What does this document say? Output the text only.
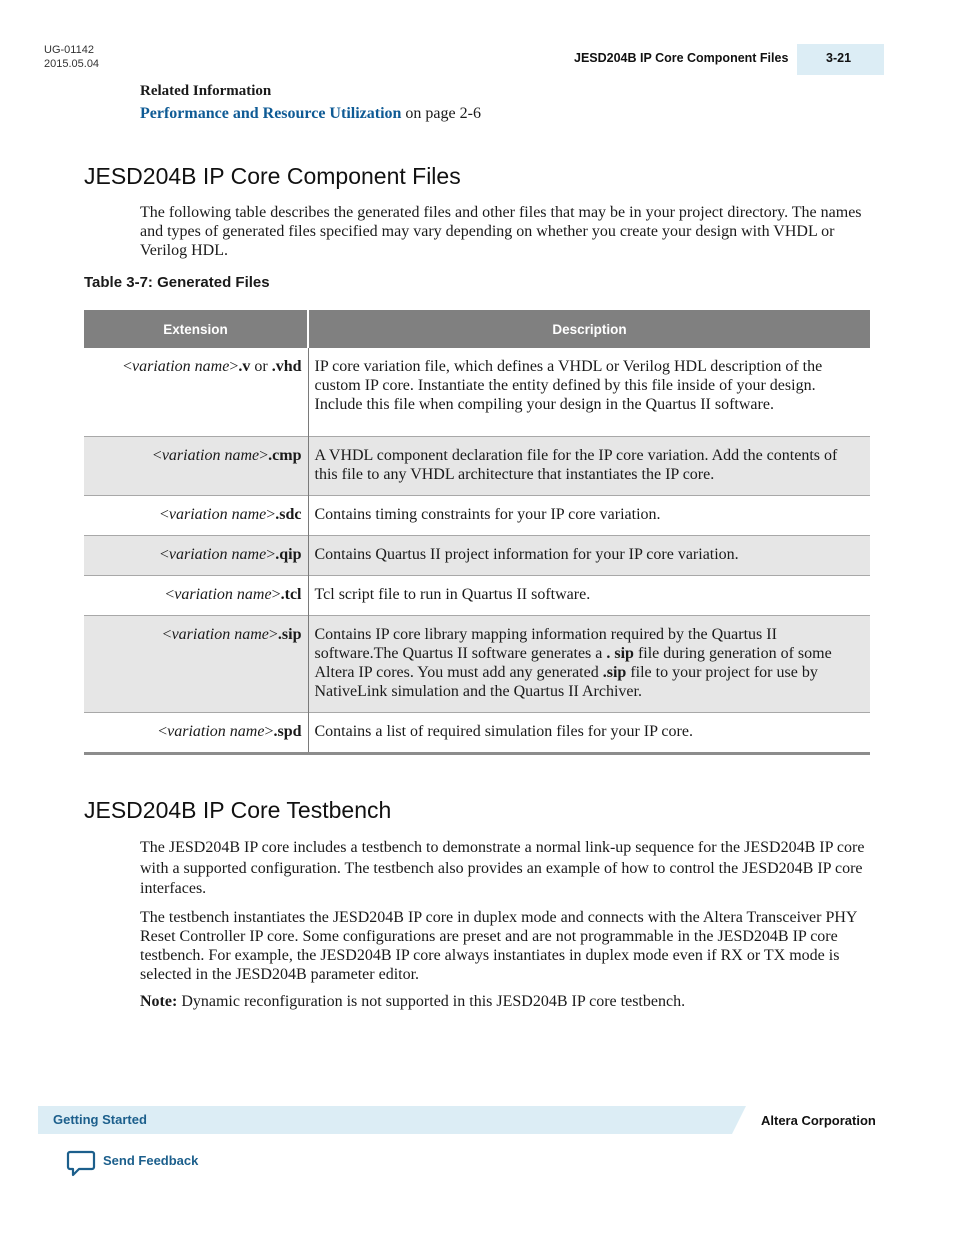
UG-01142
2015.05.04	JESD204B IP Core Component Files	3-21
Related Information
Performance and Resource Utilization on page 2-6
JESD204B IP Core Component Files

The following table describes the generated files and other files that may be in your project directory. The names and types of generated files specified may vary depending on whether you create your design with VHDL or Verilog HDL.

Table 3-7: Generated Files
Extension	Description
<variation name>.v or .vhd	IP core variation file, which defines a VHDL or Verilog HDL description of the custom IP core. Instantiate the entity defined by this file inside of your design. Include this file when compiling your design in the Quartus II software.
<variation name>.cmp	A VHDL component declaration file for the IP core variation. Add the contents of this file to any VHDL architecture that instantiates the IP core.
<variation name>.sdc	Contains timing constraints for your IP core variation.
<variation name>.qip	Contains Quartus II project information for your IP core variation.
<variation name>.tcl	Tcl script file to run in Quartus II software.
<variation name>.sip	Contains IP core library mapping information required by the Quartus II software.The Quartus II software generates a . sip file during generation of some Altera IP cores. You must add any generated .sip file to your project for use by NativeLink simulation and the Quartus II Archiver.
<variation name>.spd	Contains a list of required simulation files for your IP core.
JESD204B IP Core Testbench

The JESD204B IP core includes a testbench to demonstrate a normal link-up sequence for the JESD204B IP core with a supported configuration. The testbench also provides an example of how to control the JESD204B IP core interfaces.

The testbench instantiates the JESD204B IP core in duplex mode and connects with the Altera Transceiver PHY Reset Controller IP core. Some configurations are preset and are not programmable in the JESD204B IP core testbench. For example, the JESD204B IP core always instantiates in duplex mode even if RX or TX mode is selected in the JESD204B parameter editor.

Note: Dynamic reconfiguration is not supported in this JESD204B IP core testbench.

Getting Started	Altera Corporation
Send Feedback
